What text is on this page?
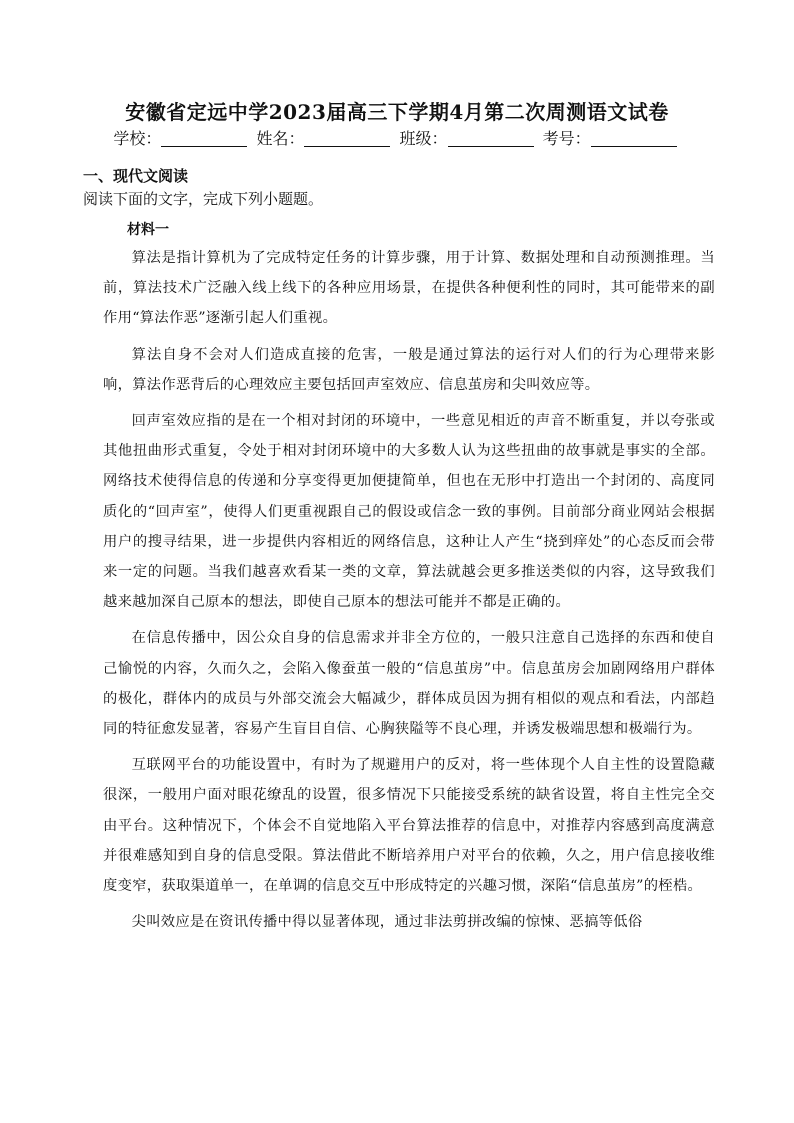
安徽省定远中学2023届高三下学期4月第二次周测语文试卷
学校：	姓名：	班级：	考号：
一、现代文阅读
阅读下面的文字，完成下列小题题。
材料一

算法是指计算机为了完成特定任务的计算步骤，用于计算、数据处理和自动预测推理。当前，算法技术广泛融入线上线下的各种应用场景，在提供各种便利性的同时，其可能带来的副作用“算法作恶”逐渐引起人们重视。

算法自身不会对人们造成直接的危害，一般是通过算法的运行对人们的行为心理带来影响，算法作恶背后的心理效应主要包括回声室效应、信息茧房和尖叫效应等。

回声室效应指的是在一个相对封闭的环境中，一些意见相近的声音不断重复，并以夸张或其他扭曲形式重复，令处于相对封闭环境中的大多数人认为这些扭曲的故事就是事实的全部。网络技术使得信息的传递和分享变得更加便捷简单，但也在无形中打造出一个封闭的、高度同质化的“回声室”，使得人们更重视跟自己的假设或信念一致的事例。目前部分商业网站会根据用户的搜寻结果，进一步提供内容相近的网络信息，这种让人产生“挠到痒处”的心态反而会带来一定的问题。当我们越喜欢看某一类的文章，算法就越会更多推送类似的内容，这导致我们越来越加深自己原本的想法，即使自己原本的想法可能并不都是正确的。

在信息传播中，因公众自身的信息需求并非全方位的，一般只注意自己选择的东西和使自己愉悦的内容，久而久之，会陷入像蚕茧一般的“信息茧房”中。信息茧房会加剧网络用户群体的极化，群体内的成员与外部交流会大幅减少，群体成员因为拥有相似的观点和看法，内部趋同的特征愈发显著，容易产生盲目自信、心胸狭隘等不良心理，并诱发极端思想和极端行为。

互联网平台的功能设置中，有时为了规避用户的反对，将一些体现个人自主性的设置隐藏很深，一般用户面对眼花缭乱的设置，很多情况下只能接受系统的缺省设置，将自主性完全交由平台。这种情况下，个体会不自觉地陷入平台算法推荐的信息中，对推荐内容感到高度满意并很难感知到自身的信息受限。算法借此不断培养用户对平台的依赖，久之，用户信息接收维度变窄，获取渠道单一，在单调的信息交互中形成特定的兴趣习惯，深陷“信息茧房”的桎梏。

尖叫效应是在资讯传播中得以显著体现，通过非法剪拼改编的惊悚、恶搞等低俗
